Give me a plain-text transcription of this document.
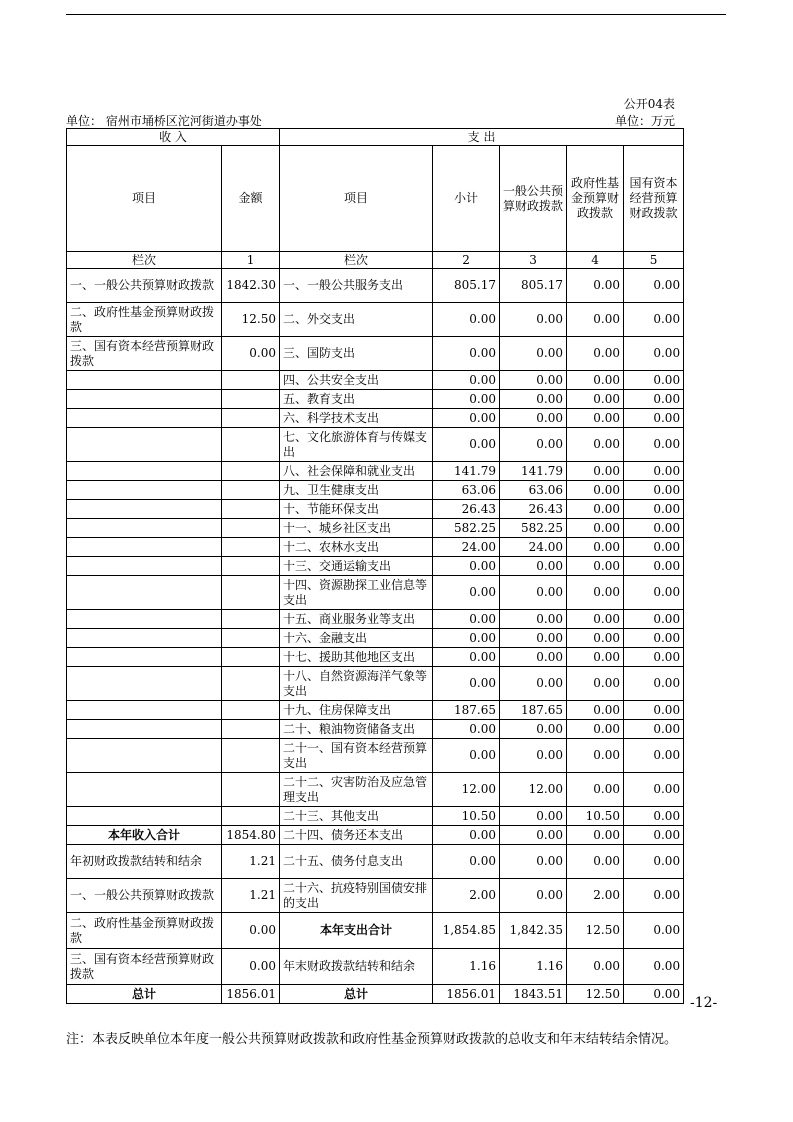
公开04表
单位： 宿州市埇桥区沱河街道办事处	单位：万元
收 入		支 出				
项目	金额	项目	小计	一般公共预算财政拨款	政府性基金预算财政拨款	国有资本经营预算财政拨款
栏次	1	栏次	2	3	4	5
一、一般公共预算财政拨款	1842.30	一、一般公共服务支出	805.17	805.17	0.00	0.00
二、政府性基金预算财政拨款	12.50	二、外交支出	0.00	0.00	0.00	0.00
三、国有资本经营预算财政拨款	0.00	三、国防支出	0.00	0.00	0.00	0.00
		四、公共安全支出	0.00	0.00	0.00	0.00
		五、教育支出	0.00	0.00	0.00	0.00
		六、科学技术支出	0.00	0.00	0.00	0.00
		七、文化旅游体育与传媒支出	0.00	0.00	0.00	0.00
		八、社会保障和就业支出	141.79	141.79	0.00	0.00
		九、卫生健康支出	63.06	63.06	0.00	0.00
		十、节能环保支出	26.43	26.43	0.00	0.00
		十一、城乡社区支出	582.25	582.25	0.00	0.00
		十二、农林水支出	24.00	24.00	0.00	0.00
		十三、交通运输支出	0.00	0.00	0.00	0.00
		十四、资源勘探工业信息等支出	0.00	0.00	0.00	0.00
		十五、商业服务业等支出	0.00	0.00	0.00	0.00
		十六、金融支出	0.00	0.00	0.00	0.00
		十七、援助其他地区支出	0.00	0.00	0.00	0.00
		十八、自然资源海洋气象等支出	0.00	0.00	0.00	0.00
		十九、住房保障支出	187.65	187.65	0.00	0.00
		二十、粮油物资储备支出	0.00	0.00	0.00	0.00
		二十一、国有资本经营预算支出	0.00	0.00	0.00	0.00
		二十二、灾害防治及应急管理支出	12.00	12.00	0.00	0.00
		二十三、其他支出	10.50	0.00	10.50	0.00
本年收入合计	1854.80	二十四、债务还本支出	0.00	0.00	0.00	0.00
年初财政拨款结转和结余	1.21	二十五、债务付息支出	0.00	0.00	0.00	0.00
一、一般公共预算财政拨款	1.21	二十六、抗疫特别国债安排的支出	2.00	0.00	2.00	0.00
二、政府性基金预算财政拨款	0.00	本年支出合计	1,854.85	1,842.35	12.50	0.00
三、国有资本经营预算财政拨款	0.00	年末财政拨款结转和结余	1.16	1.16	0.00	0.00
总计	1856.01	总计	1856.01	1843.51	12.50	0.00
-12-
注：本表反映单位本年度一般公共预算财政拨款和政府性基金预算财政拨款的总收支和年末结转结余情况。
